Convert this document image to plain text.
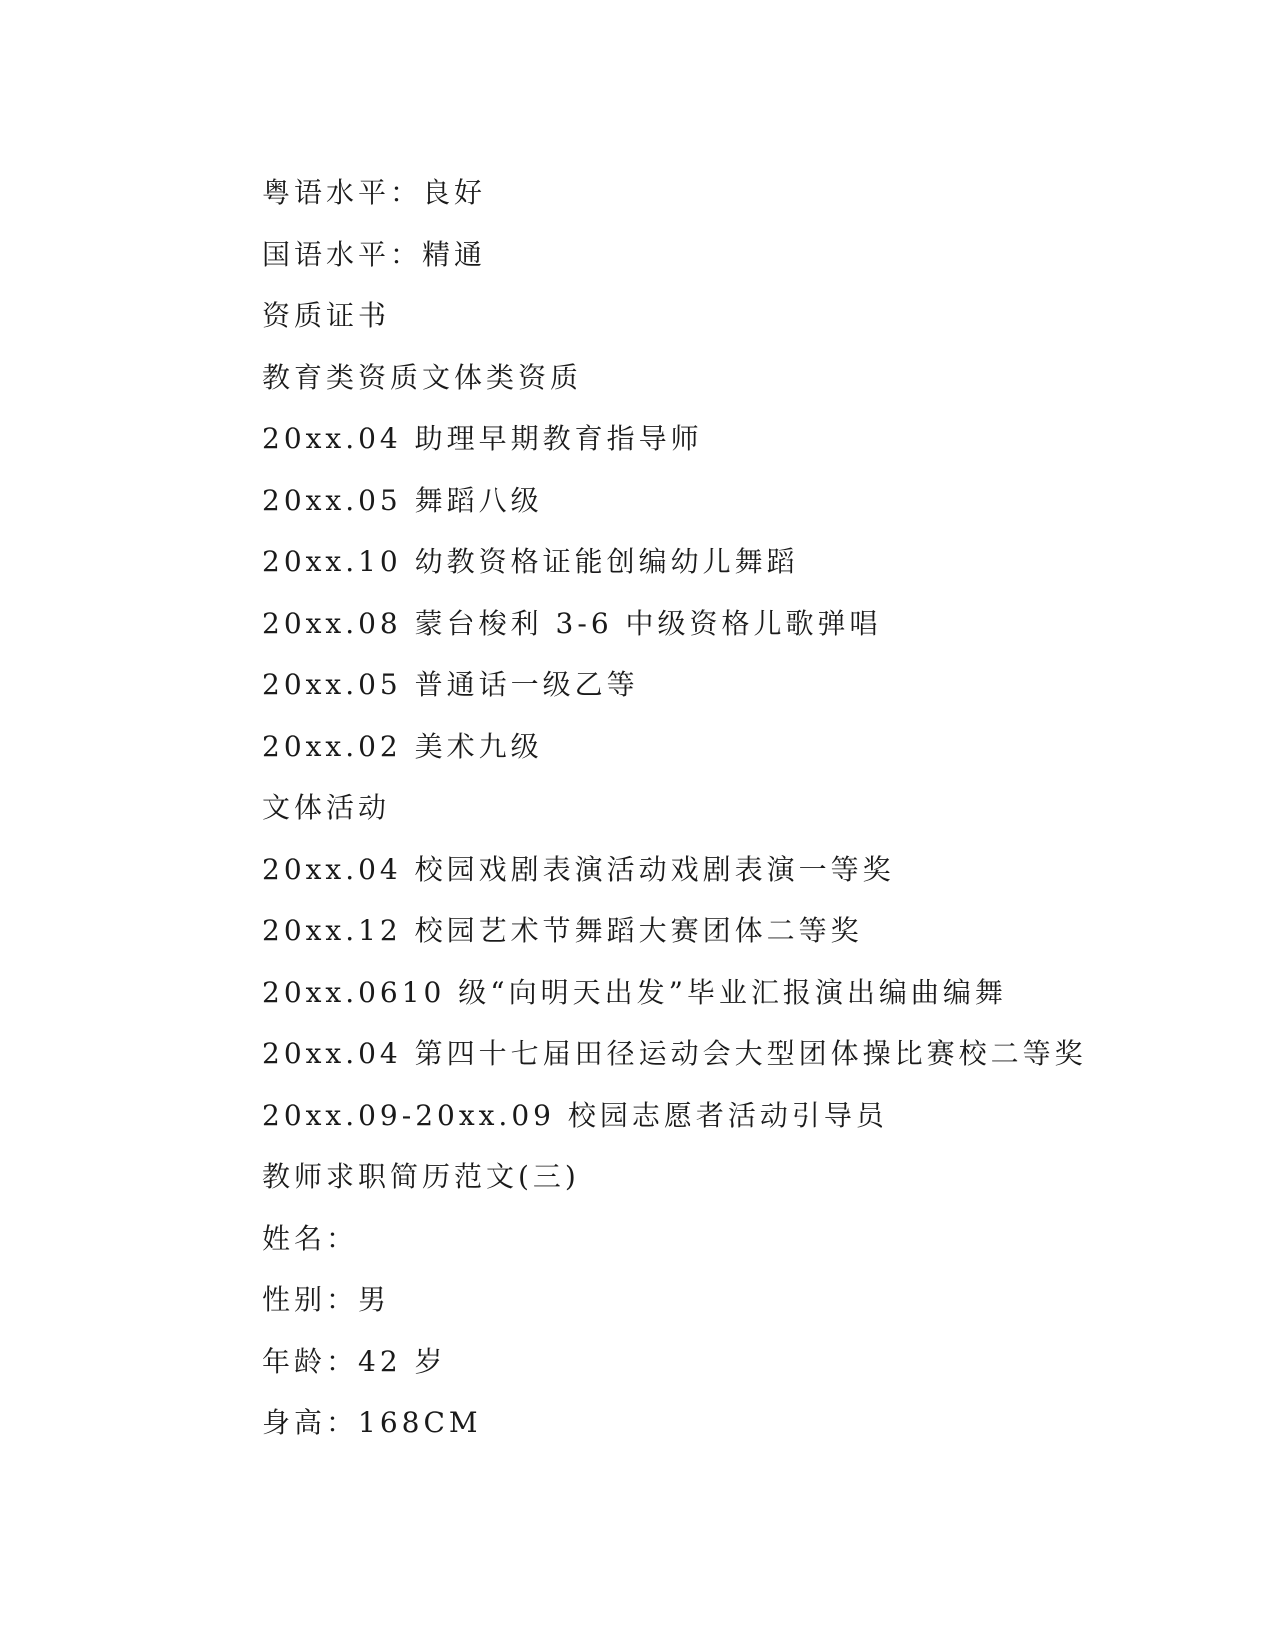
粤语水平：良好
国语水平：精通
资质证书
教育类资质文体类资质
20xx.04 助理早期教育指导师
20xx.05 舞蹈八级
20xx.10 幼教资格证能创编幼儿舞蹈
20xx.08 蒙台梭利 3-6 中级资格儿歌弹唱
20xx.05 普通话一级乙等
20xx.02 美术九级
文体活动
20xx.04 校园戏剧表演活动戏剧表演一等奖
20xx.12 校园艺术节舞蹈大赛团体二等奖
20xx.0610 级“向明天出发”毕业汇报演出编曲编舞
20xx.04 第四十七届田径运动会大型团体操比赛校二等奖
20xx.09-20xx.09 校园志愿者活动引导员
教师求职简历范文(三)
姓名：
性别：男
年龄：42 岁
身高：168CM
